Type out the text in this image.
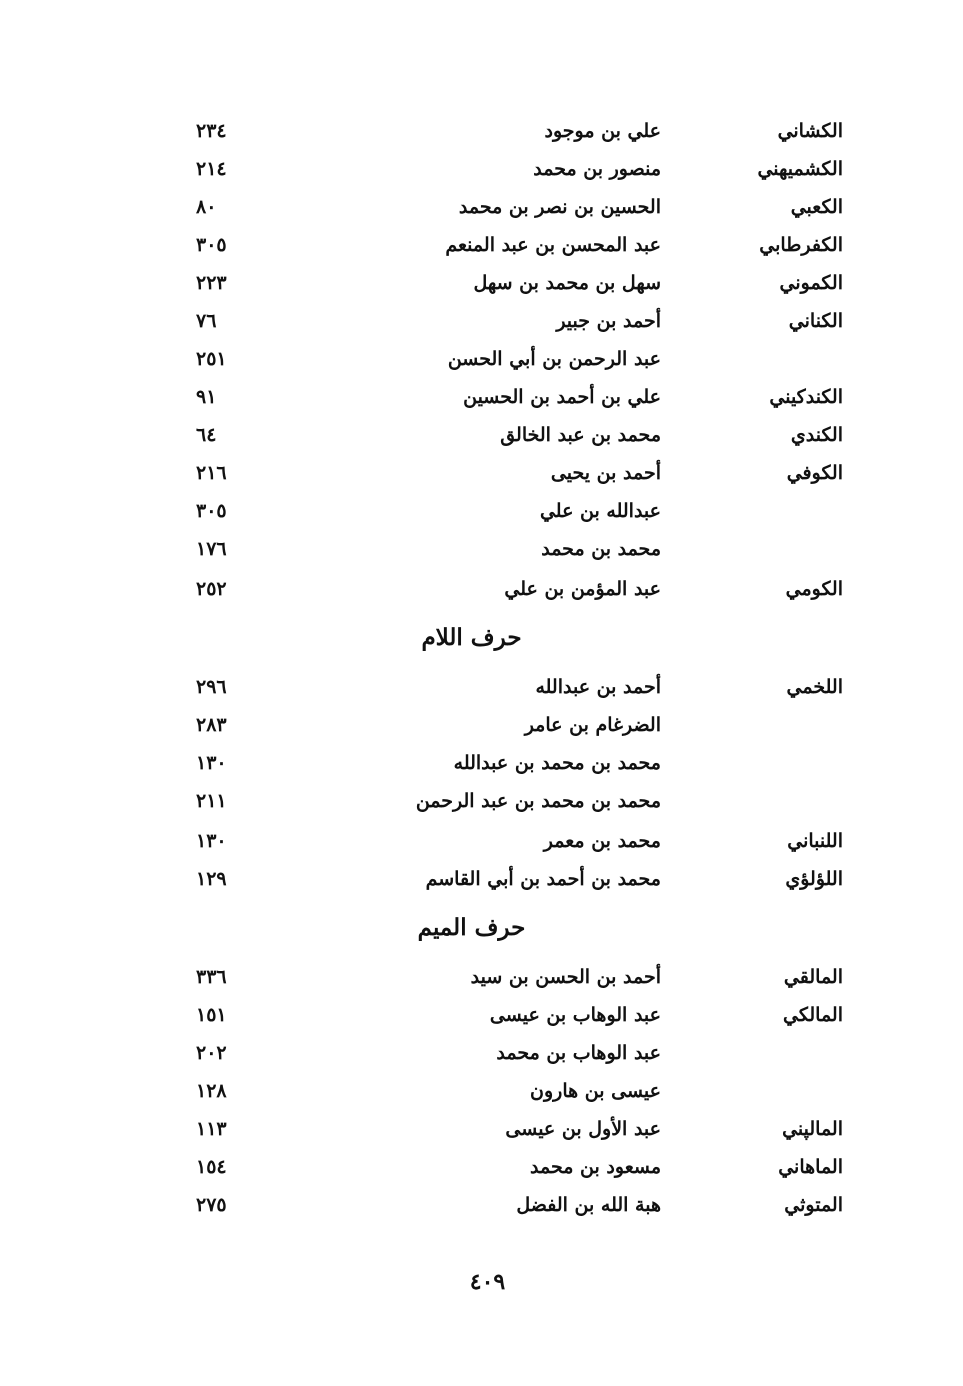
الكشاني
علي بن موجود
٢٣٤
الكشميهني
منصور بن محمد
٢١٤
الكعبي
الحسين بن نصر بن محمد
٨٠
الكفرطابي
عبد المحسن بن عبد المنعم
٣٠٥
الكموني
سهل بن محمد بن سهل
٢٢٣
الكناني
أحمد بن جبير
٧٦
عبد الرحمن بن أبي الحسن
٢٥١
الكندكيني
علي بن أحمد بن الحسين
٩١
الكندي
محمد بن عبد الخالق
٦٤
الكوفي
أحمد بن يحيى
٢١٦
عبدالله بن علي
٣٠٥
محمد بن محمد
١٧٦
الكومي
عبد المؤمن بن علي
٢٥٢
حرف اللام
اللخمي
أحمد بن عبدالله
٢٩٦
الضرغام بن عامر
٢٨٣
محمد بن محمد بن عبدالله
١٣٠
محمد بن محمد بن عبد الرحمن
٢١١
اللنباني
محمد بن معمر
١٣٠
اللؤلؤي
محمد بن أحمد بن أبي القاسم
١٢٩
حرف الميم
المالقي
أحمد بن الحسن بن سيد
٣٣٦
المالكي
عبد الوهاب بن عيسى
١٥١
عبد الوهاب بن محمد
٢٠٢
عيسى بن هارون
١٢٨
المالپني
عبد الأول بن عيسى
١١٣
الماهاني
مسعود بن محمد
١٥٤
المتوثي
هبة الله بن الفضل
٢٧٥
٤٠٩
